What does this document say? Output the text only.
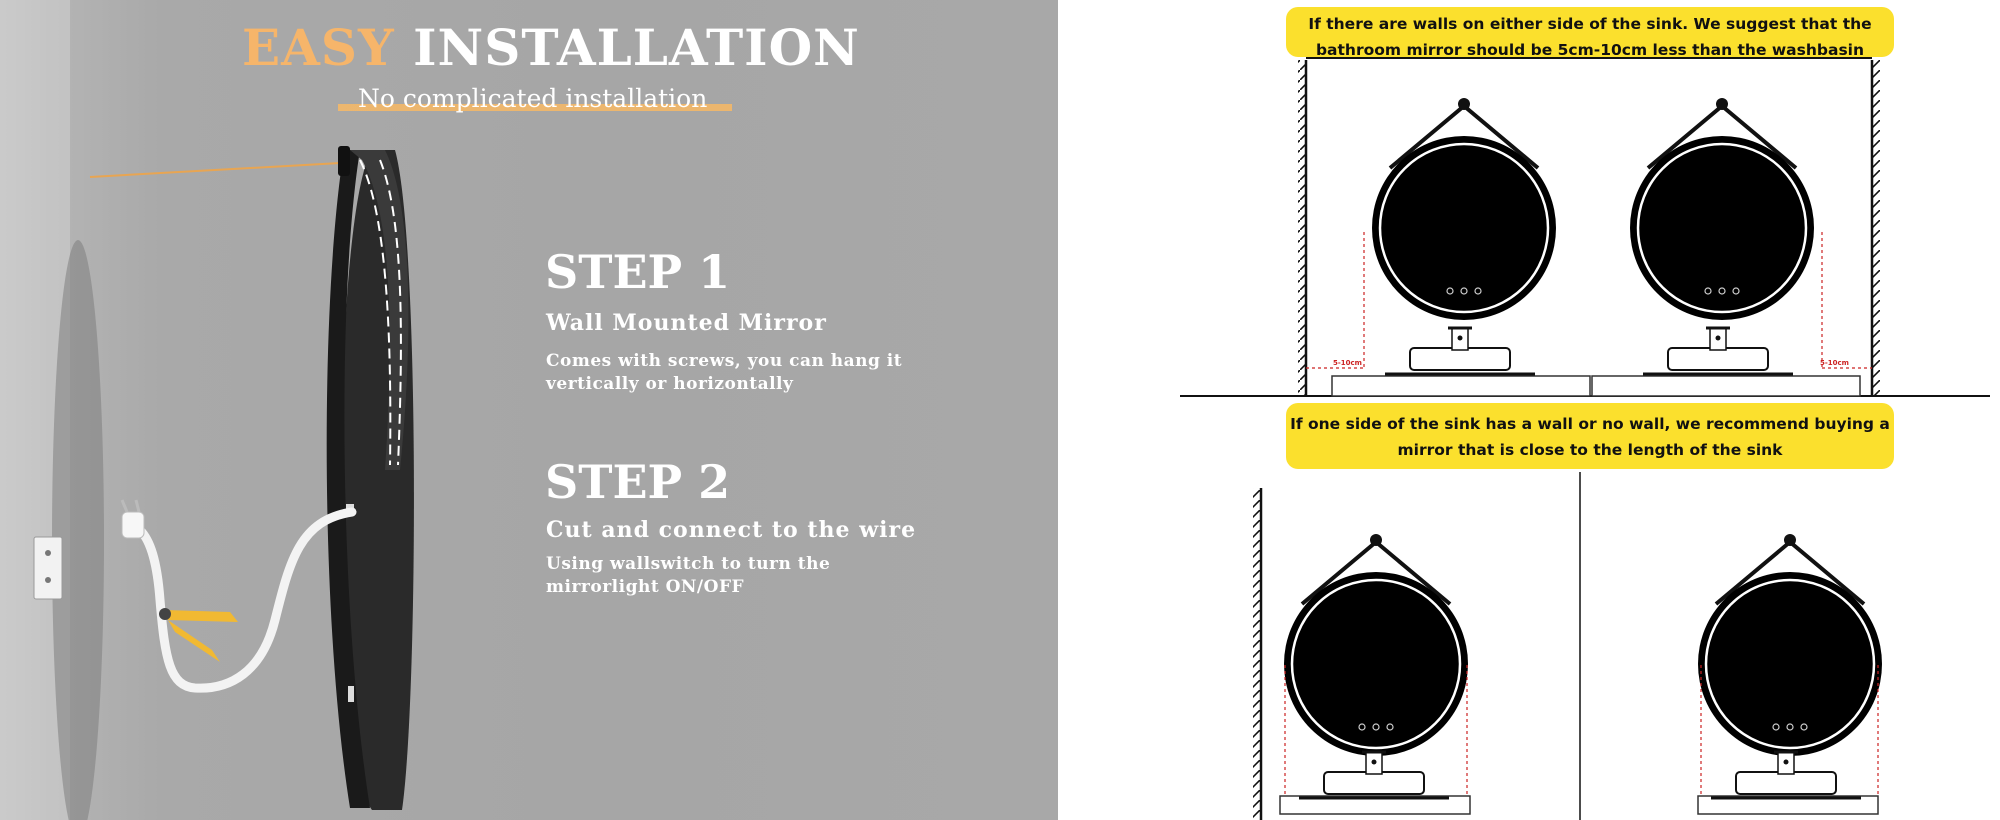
EASY INSTALLATION
No complicated installation
STEP 1
Wall Mounted Mirror
Comes with screws, you can hang it vertically or horizontally
STEP 2
Cut and connect to the wire
Using wallswitch to turn the mirrorlight ON/OFF
If there are walls on either side of the sink. We suggest that the bathroom mirror should be 5cm-10cm less than the washbasin
If one side of the sink has a wall or no wall, we recommend buying a mirror that is close to the length of the sink
5-10cm	5-10cm
